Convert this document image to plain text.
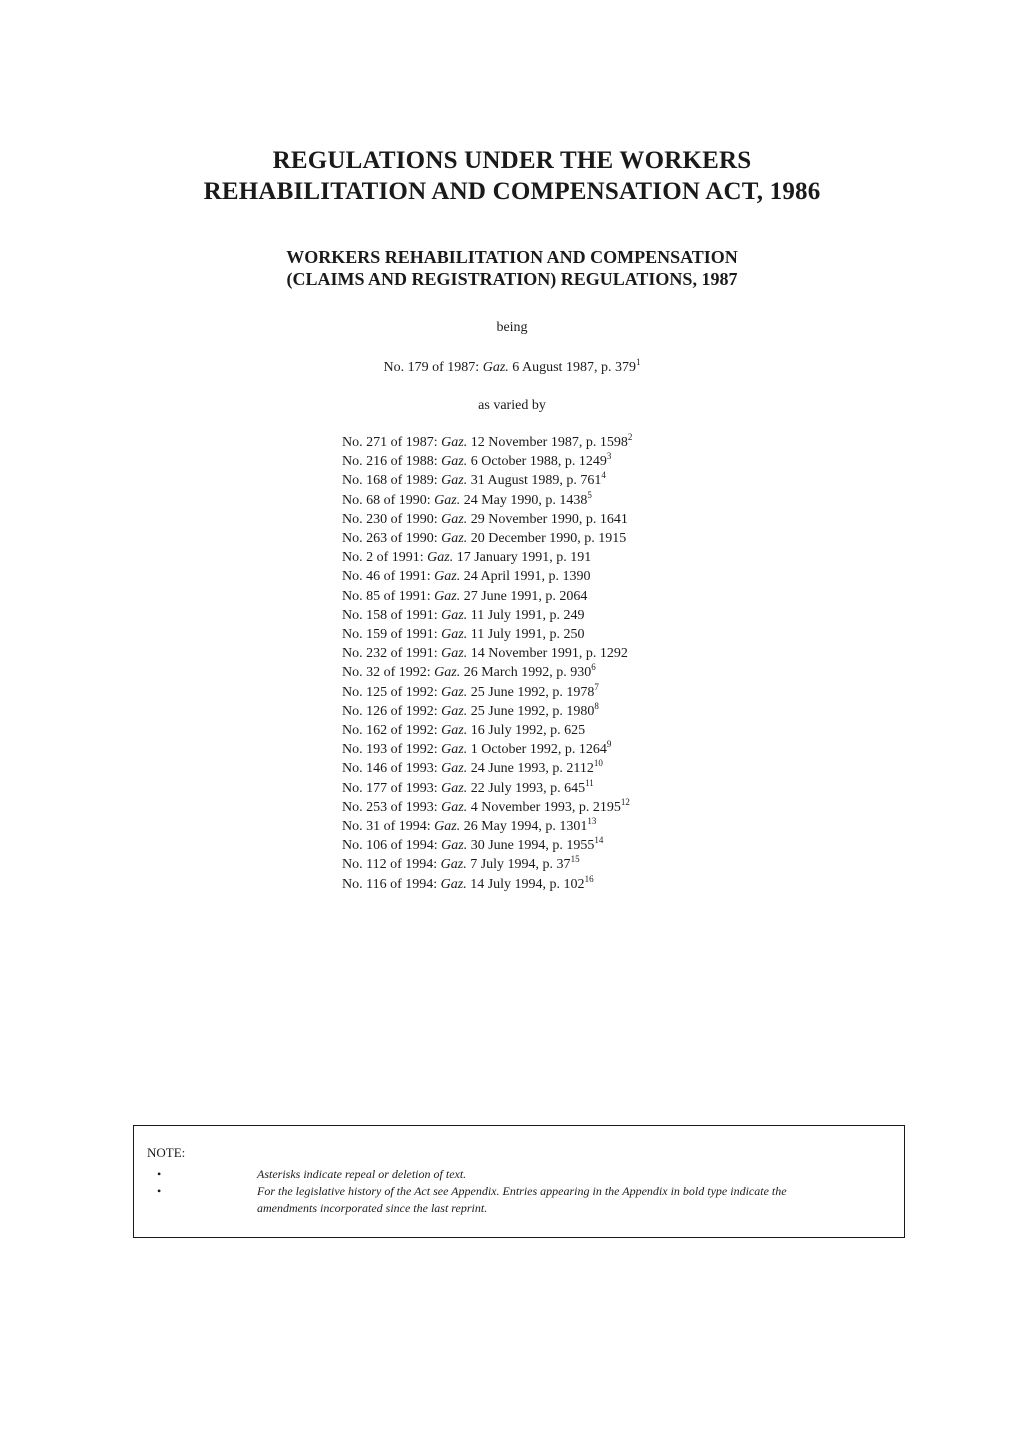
REGULATIONS UNDER THE WORKERS
REHABILITATION AND COMPENSATION ACT, 1986
WORKERS REHABILITATION AND COMPENSATION
(CLAIMS AND REGISTRATION) REGULATIONS, 1987
being
No. 179 of 1987: Gaz. 6 August 1987, p. $379^1$
as varied by
No. 271 of 1987: Gaz. 12 November 1987, p. 1598$^2$
No. 216 of 1988: Gaz. 6 October 1988, p. 1249$^3$
No. 168 of 1989: Gaz. 31 August 1989, p. $761^4$
No. 68 of 1990: Gaz. 24 May 1990, p. 1438$^5$
No. 230 of 1990: Gaz. 29 November 1990, p. 1641
No. 263 of 1990: Gaz. 20 December 1990, p. 1915
No. 2 of 1991: Gaz. 17 January 1991, p. 191
No. 46 of 1991: Gaz. 24 April 1991, p. 1390
No. 85 of 1991: Gaz. 27 June 1991, p. 2064
No. 158 of 1991: Gaz. 11 July 1991, p. 249
No. 159 of 1991: Gaz. 11 July 1991, p. 250
No. 232 of 1991: Gaz. 14 November 1991, p. 1292
No. 32 of 1992: Gaz. 26 March 1992, p. $930^6$
No. 125 of 1992: Gaz. 25 June 1992, p. 1978$^7$
No. 126 of 1992: Gaz. 25 June 1992, p. 1980$^8$
No. 162 of 1992: Gaz. 16 July 1992, p. 625
No. 193 of 1992: Gaz. 1 October 1992, p. 1264$^9$
No. 146 of 1993: Gaz. 24 June 1993, p. 2112$^{10}$
No. 177 of 1993: Gaz. 22 July 1993, p. $645^{11}$
No. 253 of 1993: Gaz. 4 November 1993, p. 2195$^{12}$
No. 31 of 1994: Gaz. 26 May 1994, p. 1301$^{13}$
No. 106 of 1994: Gaz. 30 June 1994, p. 1955$^{14}$
No. 112 of 1994: Gaz. 7 July 1994, p. $37^{15}$
No. 116 of 1994: Gaz. 14 July 1994, p. $102^{16}$
NOTE:
•	Asterisks indicate repeal or deletion of text.
•	For the legislative history of the Act see Appendix. Entries appearing in the Appendix in bold type indicate the amendments incorporated since the last reprint.
